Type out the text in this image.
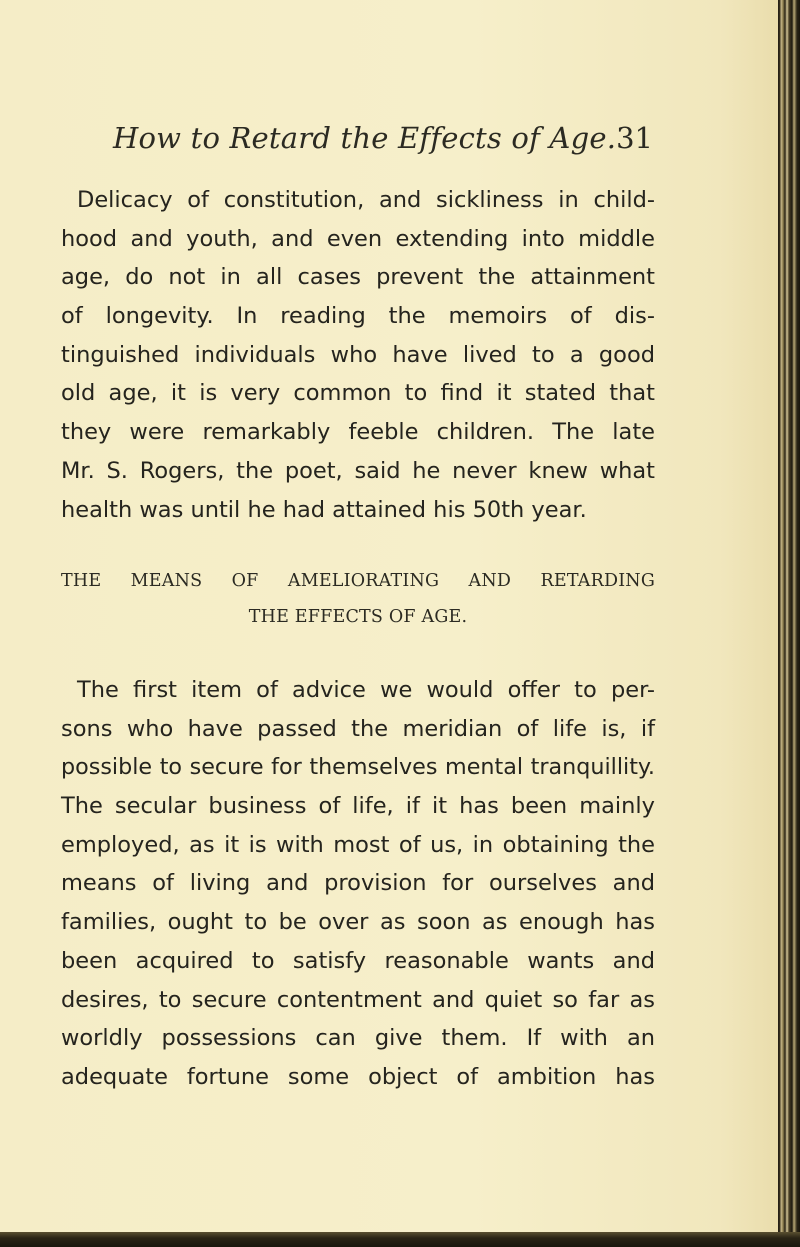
How to Retard the Effects of Age. 31
Delicacy of constitution, and sickliness in child-
hood and youth, and even extending into middle
age, do not in all cases prevent the attainment
of longevity. In reading the memoirs of dis-
tinguished individuals who have lived to a good
old age, it is very common to find it stated that
they were remarkably feeble children. The late
Mr. S. Rogers, the poet, said he never knew what
health was until he had attained his 50th year.
THE MEANS OF AMELIORATING AND RETARDING
THE EFFECTS OF AGE.
The first item of advice we would offer to per-
sons who have passed the meridian of life is, if
possible to secure for themselves mental tranquillity.
The secular business of life, if it has been mainly
employed, as it is with most of us, in obtaining the
means of living and provision for ourselves and
families, ought to be over as soon as enough has
been acquired to satisfy reasonable wants and
desires, to secure contentment and quiet so far as
worldly possessions can give them. If with an
adequate fortune some object of ambition has
